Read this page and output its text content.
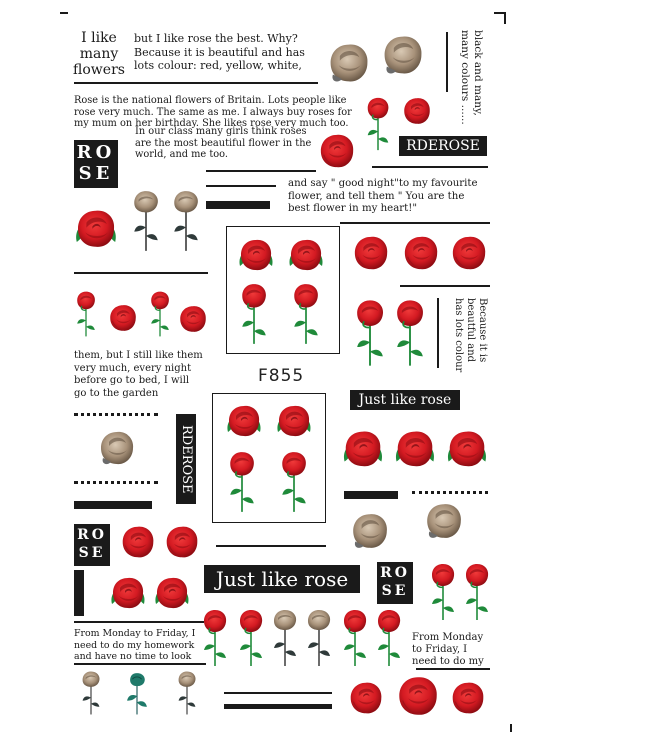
I like many flowers
but I like rose the best. Why? Because it is beautiful and has lots colour: red, yellow, white,
Rose is the national flowers of Britain. Lots people like rose very much. The same as me. I always buy roses for my mum on her birthday. She likes rose very much too.
In our class many girls think roses are the most beautiful flower in the world, and me too.
ROSE
black and many, many colours ......
RDEROSE
and say " good night"to my favourite flower, and tell them " You are the best flower in my heart!"
F855
Because it is beautful and has lots colour
them, but I still like them very much, every night before go to bed, I will go to the garden	Just like rose
RDEROSE
ROSE
Just like rose	ROSE
From Monday to Friday, I need to do my homework and have no time to look
From Monday to Friday, I need to do my
